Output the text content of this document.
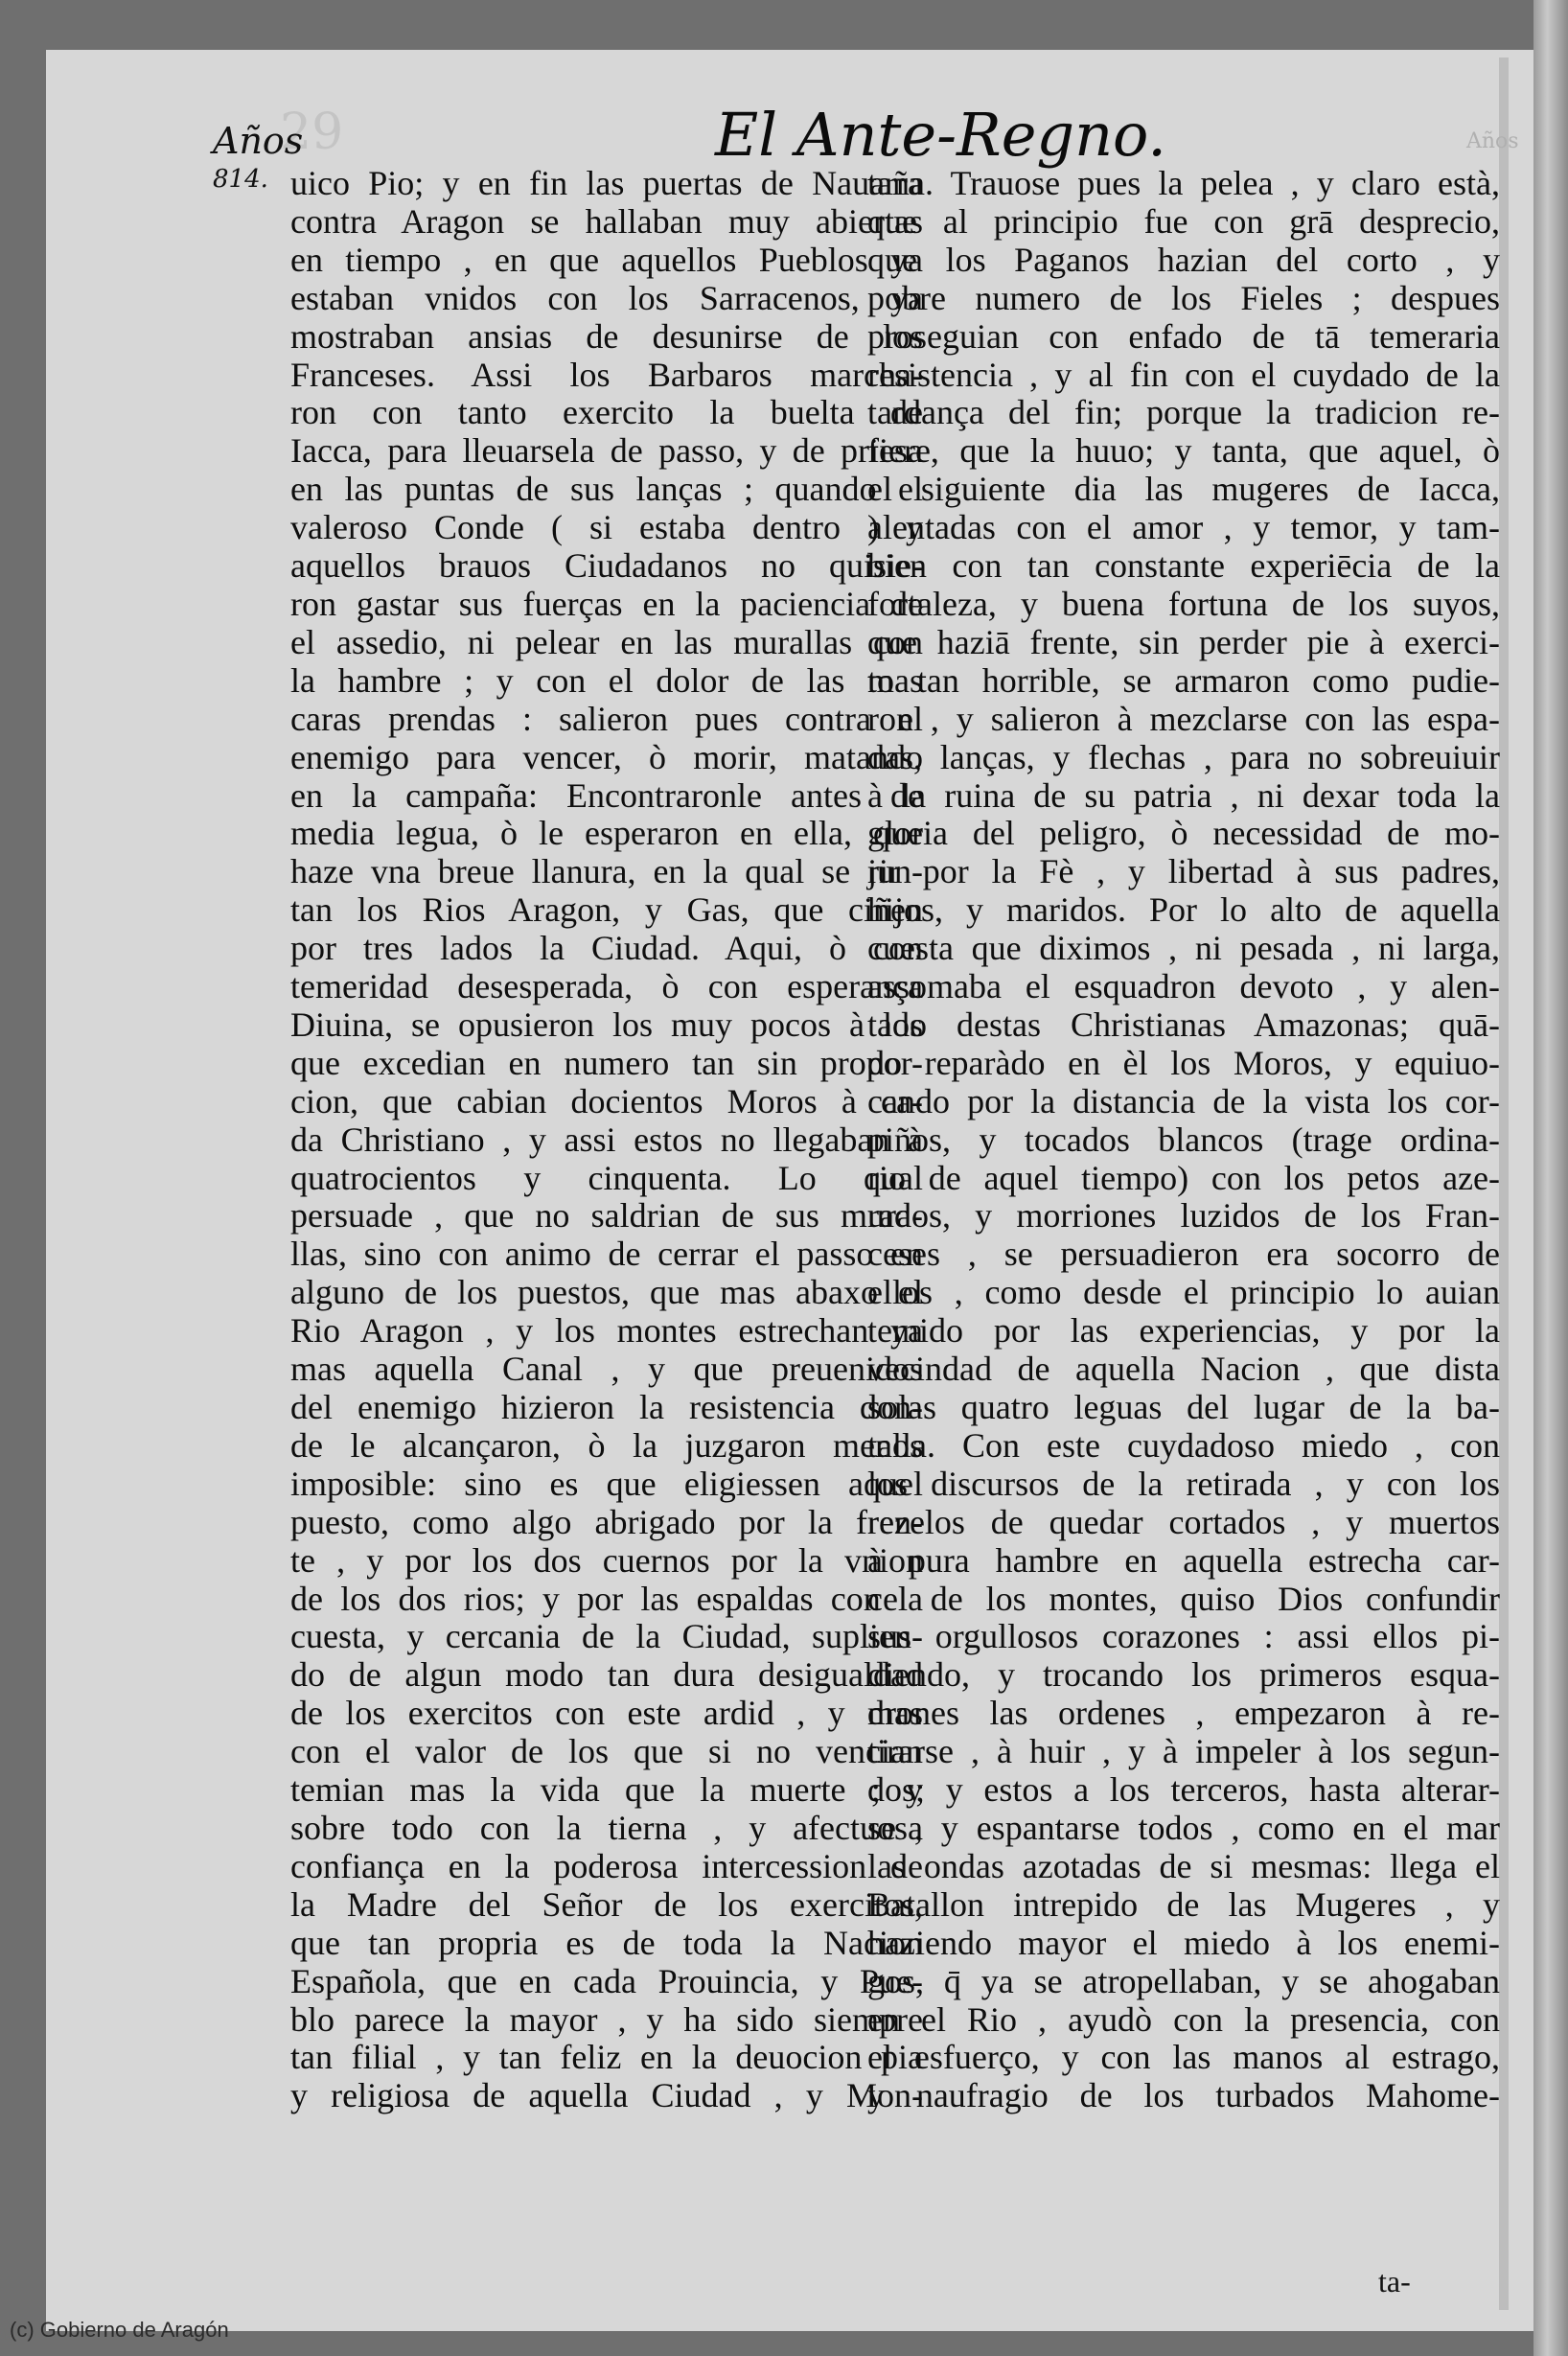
29	Años
Años
814.
El Ante-Regno.
uico Pio; y en fin las puertas de Nauarra
contra Aragon se hallaban muy abiertas
en tiempo , en que aquellos Pueblos ya
estaban vnidos con los Sarracenos, ya
mostraban ansias de desunirse de los
Franceses. Assi los Barbaros marcha-
ron con tanto exercito la buelta de
Iacca, para lleuarsela de passo, y de priesa
en las puntas de sus lanças ; quando el
valeroso Conde ( si estaba dentro ) y
aquellos brauos Ciudadanos no quisie-
ron gastar sus fuerças en la paciencia de
el assedio, ni pelear en las murallas con
la hambre ; y con el dolor de las mas
caras prendas : salieron pues contra el
enemigo para vencer, ò morir, matando
en la campaña: Encontraronle antes de
media legua, ò le esperaron en ella, que
haze vna breue llanura, en la qual se jun-
tan los Rios Aragon, y Gas, que ciñen
por tres lados la Ciudad. Aqui, ò con
temeridad desesperada, ò con esperança
Diuina, se opusieron los muy pocos à los
que excedian en numero tan sin propor-
cion, que cabian docientos Moros à ca-
da Christiano , y assi estos no llegaban à
quatrocientos y cinquenta. Lo qual
persuade , que no saldrian de sus mura-
llas, sino con animo de cerrar el passo en
alguno de los puestos, que mas abaxo el
Rio Aragon , y los montes estrechan ya
mas aquella Canal , y que preuenidos
del enemigo hizieron la resistencia don-
de le alcançaron, ò la juzgaron menos
imposible: sino es que eligiessen aquel
puesto, como algo abrigado por la fren-
te , y por los dos cuernos por la vnion
de los dos rios; y por las espaldas con la
cuesta, y cercania de la Ciudad, suplien-
do de algun modo tan dura desigualdad
de los exercitos con este ardid , y mas
con el valor de los que si no vencian
temian mas la vida que la muerte ; y
sobre todo con la tierna , y afectuosa
confiança en la poderosa intercession de
la Madre del Señor de los exercitos,
que tan propria es de toda la Nacion
Española, que en cada Prouincia, y Pue-
blo parece la mayor , y ha sido siempre
tan filial , y tan feliz en la deuocion pia
y religiosa de aquella Ciudad , y Mon-
taña. Trauose pues la pelea , y claro està,
que al principio fue con grā desprecio,
que los Paganos hazian del corto , y
pobre numero de los Fieles ; despues
proseguian con enfado de tā temeraria
resistencia , y al fin con el cuydado de la
tardança del fin; porque la tradicion re-
fiere, que la huuo; y tanta, que aquel, ò
el siguiente dia las mugeres de Iacca,
alentadas con el amor , y temor, y tam-
bien con tan constante experiēcia de la
fortaleza, y buena fortuna de los suyos,
que haziā frente, sin perder pie à exerci-
to tan horrible, se armaron como pudie-
ron , y salieron à mezclarse con las espa-
das, lanças, y flechas , para no sobreuiuir
à la ruina de su patria , ni dexar toda la
gloria del peligro, ò necessidad de mo-
rir por la Fè , y libertad à sus padres,
hijos, y maridos. Por lo alto de aquella
cuesta que diximos , ni pesada , ni larga,
assomaba el esquadron devoto , y alen-
tado destas Christianas Amazonas; quā-
do reparàdo en èl los Moros, y equiuo-
cando por la distancia de la vista los cor-
piños, y tocados blancos (trage ordina-
rio de aquel tiempo) con los petos aze-
rados, y morriones luzidos de los Fran-
ceses , se persuadieron era socorro de
ellos , como desde el principio lo auian
temido por las experiencias, y por la
vecindad de aquella Nacion , que dista
solas quatro leguas del lugar de la ba-
talla. Con este cuydadoso miedo , con
los discursos de la retirada , y con los
rezelos de quedar cortados , y muertos
à pura hambre en aquella estrecha car-
cel de los montes, quiso Dios confundir
sus orgullosos corazones : assi ellos pi-
diendo, y trocando los primeros esqua-
drones las ordenes , empezaron à re-
tirarse , à huir , y à impeler à los segun-
dos; y estos a los terceros, hasta alterar-
se , y espantarse todos , como en el mar
las ondas azotadas de si mesmas: llega el
Batallon intrepido de las Mugeres , y
haziendo mayor el miedo à los enemi-
gos, q̄ ya se atropellaban, y se ahogaban
en el Rio , ayudò con la presencia, con
el esfuerço, y con las manos al estrago,
y naufragio de los turbados Mahome-
ta-
(c) Gobierno de Aragón
